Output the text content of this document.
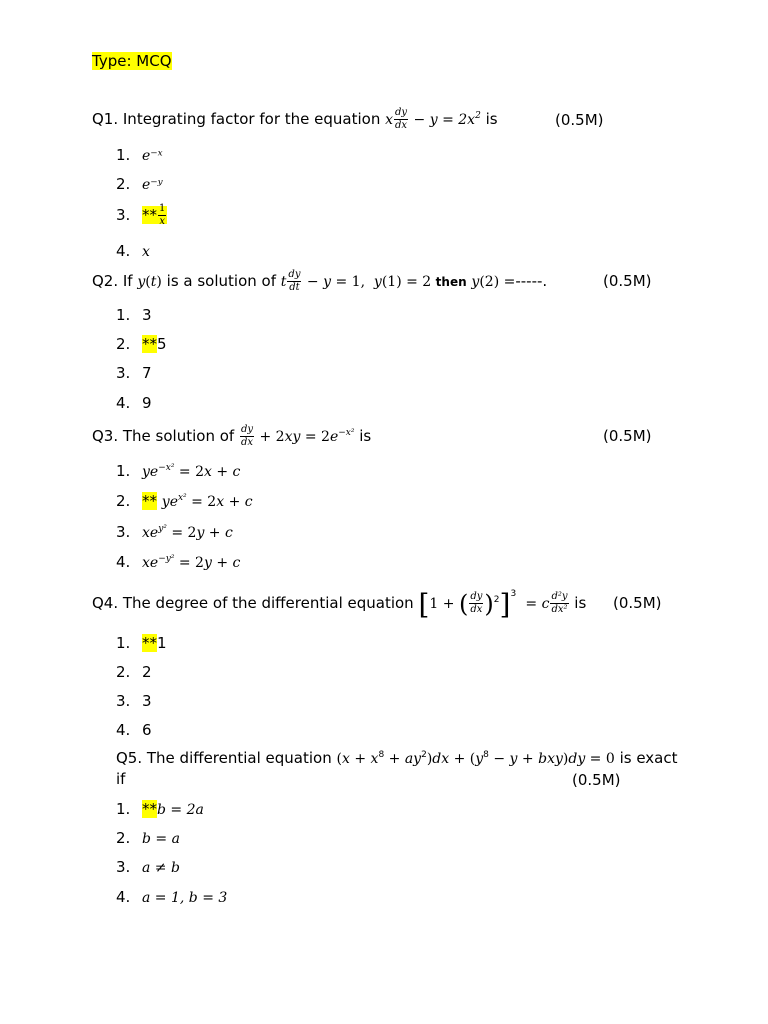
Type: MCQ
Q1. Integrating factor for the equation x $\frac{dy}{dx} - y = 2x^2$ is	(0.5M)
1. e⁻ˣ
2. e⁻ʸ
3. ** $\frac{1}{x}$
4. x
Q2. If y(t) is a solution of t $\frac{dy}{dt} - y = 1$,  y(1) = 2 then y(2) =-----.	(0.5M)
1. 3
2. **5
3. 7
4. 9
Q3. The solution of $\frac{dy}{dx} + 2xy = 2e^{-x^2}$ is	(0.5M)
1. $ye^{-x^2} = 2x + c$
2. ** $ye^{x^2} = 2x + c$
3. $xe^{y^2} = 2y + c$
4. $xe^{-y^2} = 2y + c$
Q4. The degree of the differential equation [1 + ( $\frac{dy}{dx} )^2]^3 = c \frac{\text{d²y}}{\text{dx²}}$ is (0.5M)
1. **1
2. 2
3. 3
4. 6
Q5. The differential equation $(x + x^8 + ay^2)dx + (y^8 - y + bxy)dy = 0$ is exact
if	(0.5M)
1. **b = 2a
2. b = a
3. a ≠ b
4. a = 1, b = 3
